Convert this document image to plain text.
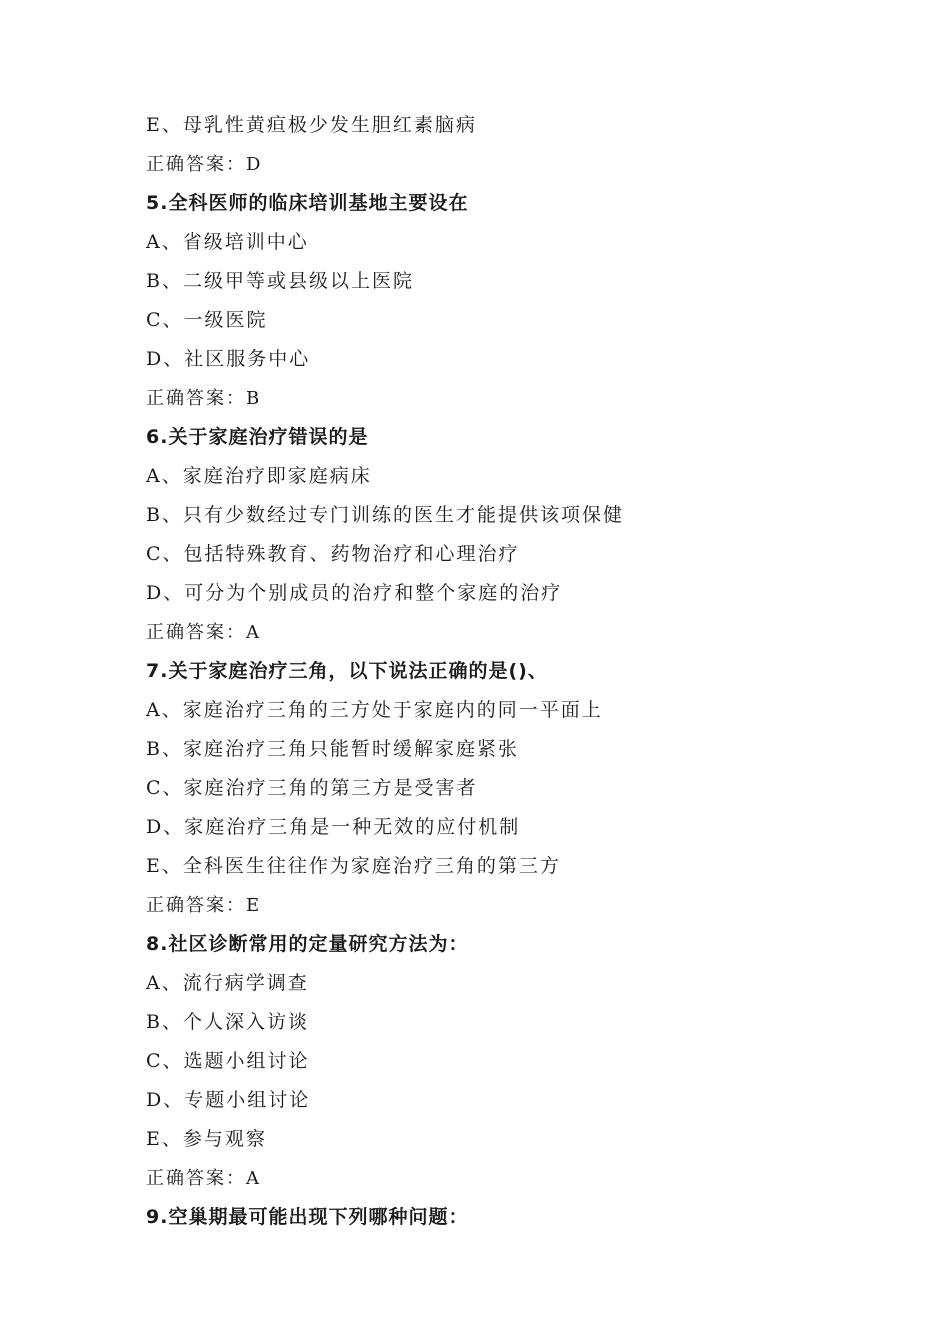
E、母乳性黄疸极少发生胆红素脑病
正确答案：D
5.全科医师的临床培训基地主要设在
A、省级培训中心
B、二级甲等或县级以上医院
C、一级医院
D、社区服务中心
正确答案：B
6.关于家庭治疗错误的是
A、家庭治疗即家庭病床
B、只有少数经过专门训练的医生才能提供该项保健
C、包括特殊教育、药物治疗和心理治疗
D、可分为个别成员的治疗和整个家庭的治疗
正确答案：A
7.关于家庭治疗三角，以下说法正确的是()、
A、家庭治疗三角的三方处于家庭内的同一平面上
B、家庭治疗三角只能暂时缓解家庭紧张
C、家庭治疗三角的第三方是受害者
D、家庭治疗三角是一种无效的应付机制
E、全科医生往往作为家庭治疗三角的第三方
正确答案：E
8.社区诊断常用的定量研究方法为：
A、流行病学调查
B、个人深入访谈
C、选题小组讨论
D、专题小组讨论
E、参与观察
正确答案：A
9.空巢期最可能出现下列哪种问题：
